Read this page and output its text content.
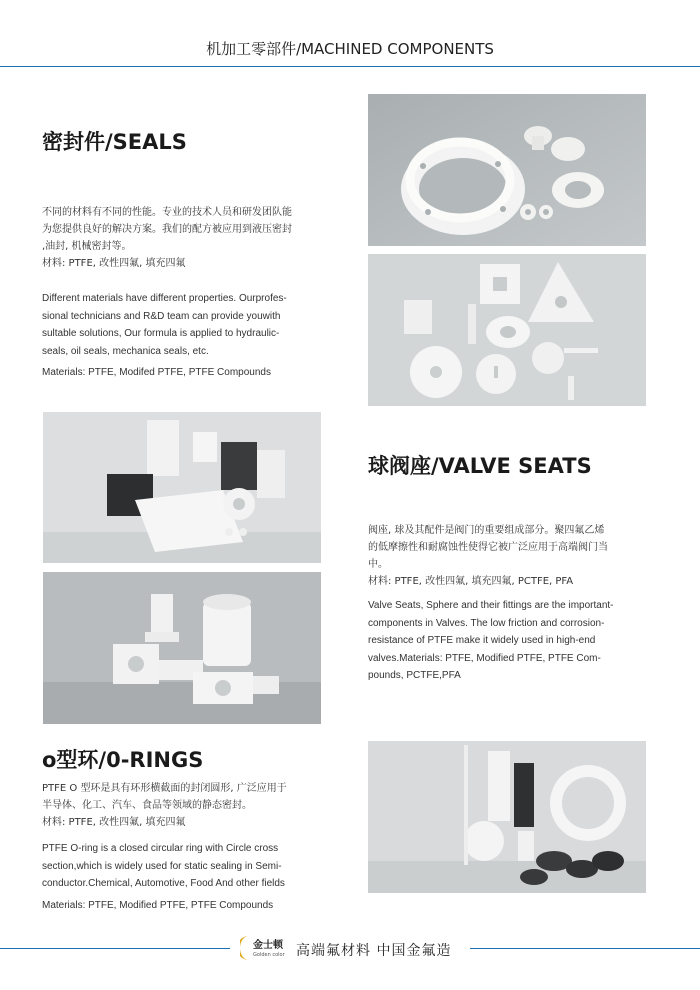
机加工零部件/MACHINED COMPONENTS
密封件/SEALS
不同的材料有不同的性能。专业的技术人员和研发团队能
为您提供良好的解决方案。我们的配方被应用到液压密封
,油封, 机械密封等。
材料: PTFE, 改性四氟, 填充四氟
Different materials have different properties. Ourprofes-
sional technicians and R&D team can provide youwith
sultable solutions, Our formula is applied to hydraulic-
seals, oil seals, mechanica seals, etc.
Materials: PTFE, Modifed PTFE, PTFE Compounds
球阀座/VALVE SEATS
阀座, 球及其配件是阀门的重要组成部分。聚四氟乙烯
的低摩擦性和耐腐蚀性使得它被广泛应用于高端阀门当
中。
材料: PTFE, 改性四氟, 填充四氟, PCTFE, PFA
Valve Seats, Sphere and their fittings are the important-
components in Valves. The low friction and corrosion-
resistance of PTFE make it widely used in high-end
valves.Materials: PTFE, Modified PTFE, PTFE Com-
pounds, PCTFE,PFA
o型环/0-RINGS
PTFE O 型环是具有环形横截面的封闭圆形, 广泛应用于
半导体、化工、汽车、食品等领域的静态密封。
材料: PTFE, 改性四氟, 填充四氟
PTFE O-ring is a closed circular ring with Circle cross
section,which is widely used for static sealing in Semi-
conductor.Chemical, Automotive, Food And other fields
Materials: PTFE, Modified PTFE, PTFE Compounds
金士顿
Golden color 高端氟材料 中国金氟造
